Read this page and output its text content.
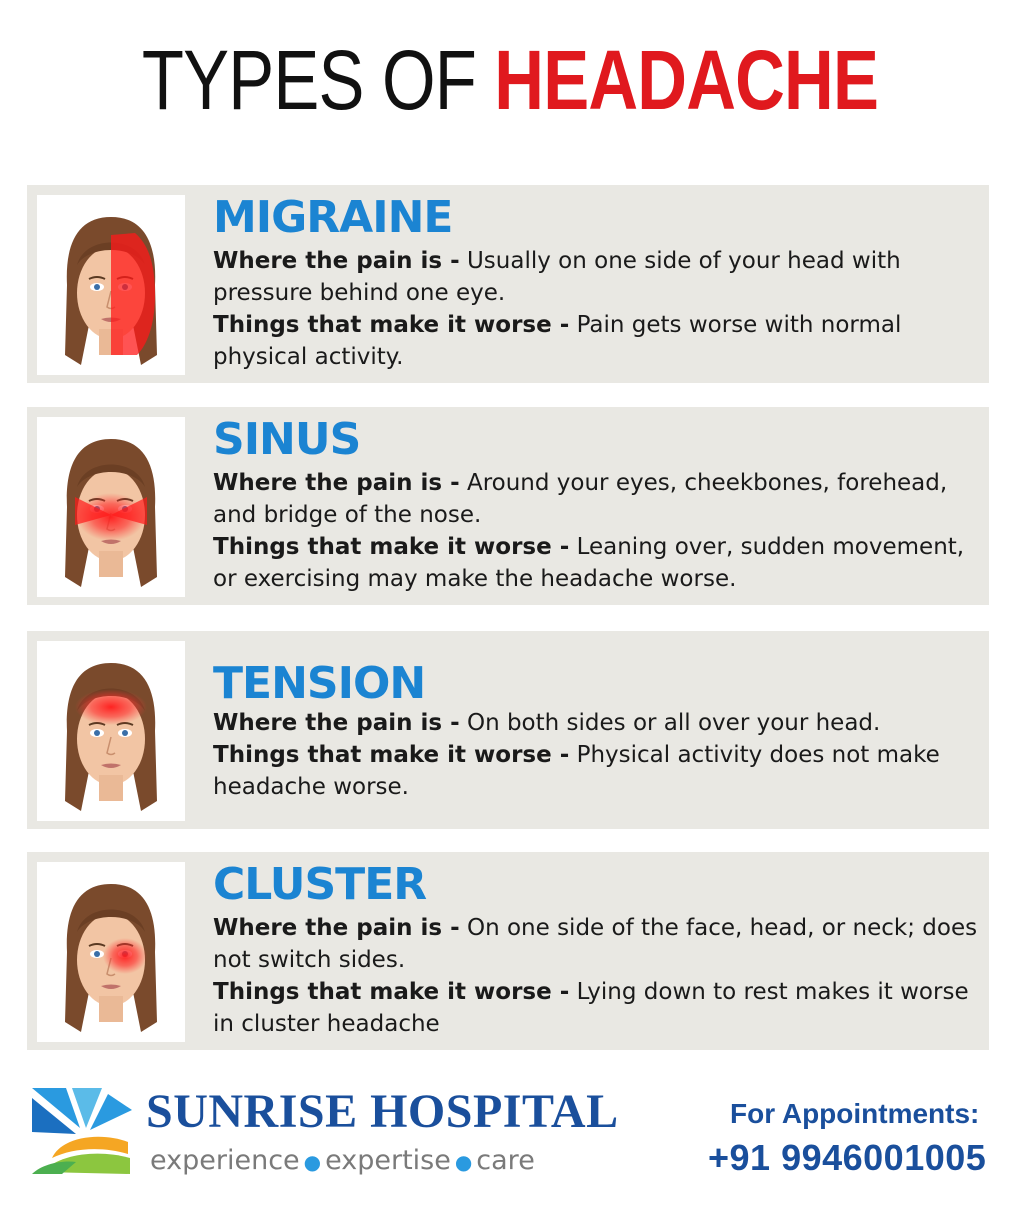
TYPES OF HEADACHE
MIGRAINE
Where the pain is - Usually on one side of your head with pressure behind one eye.
Things that make it worse - Pain gets worse with normal physical activity.
SINUS
Where the pain is - Around your eyes, cheekbones, forehead, and bridge of the nose.
Things that make it worse - Leaning over, sudden movement, or exercising may make the headache worse.
TENSION
Where the pain is - On both sides or all over your head.
Things that make it worse - Physical activity does not make headache worse.
CLUSTER
Where the pain is - On one side of the face, head, or neck; does not switch sides.
Things that make it worse - Lying down to rest makes it worse in cluster headache
SUNRISE HOSPITAL
experience ● expertise ● care
For Appointments:
+91 9946001005
